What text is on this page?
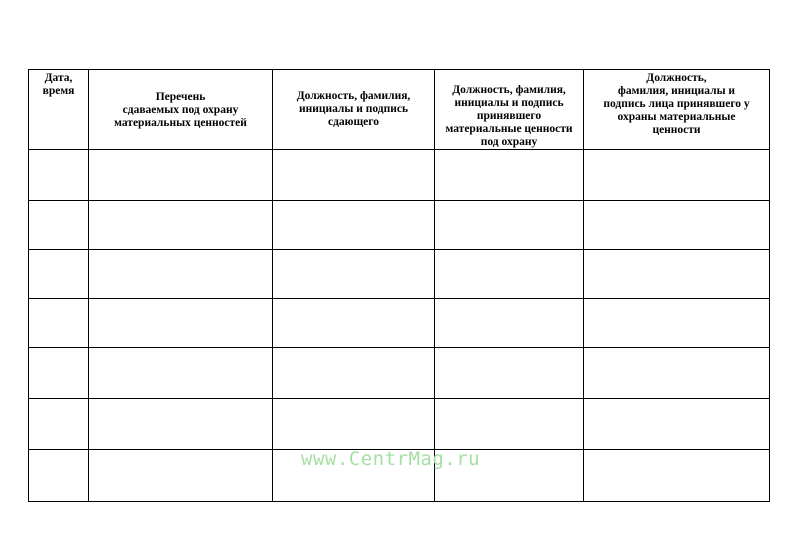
Дата,
время	Перечень
сдаваемых под охрану
материальных ценностей	Должность, фамилия,
инициалы и подпись
сдающего	Должность, фамилия,
инициалы и подпись
принявшего
материальные ценности
под охрану	Должность,
фамилия, инициалы и
подпись лица принявшего у
охраны материальные
ценности

www.CentrMag.ru
